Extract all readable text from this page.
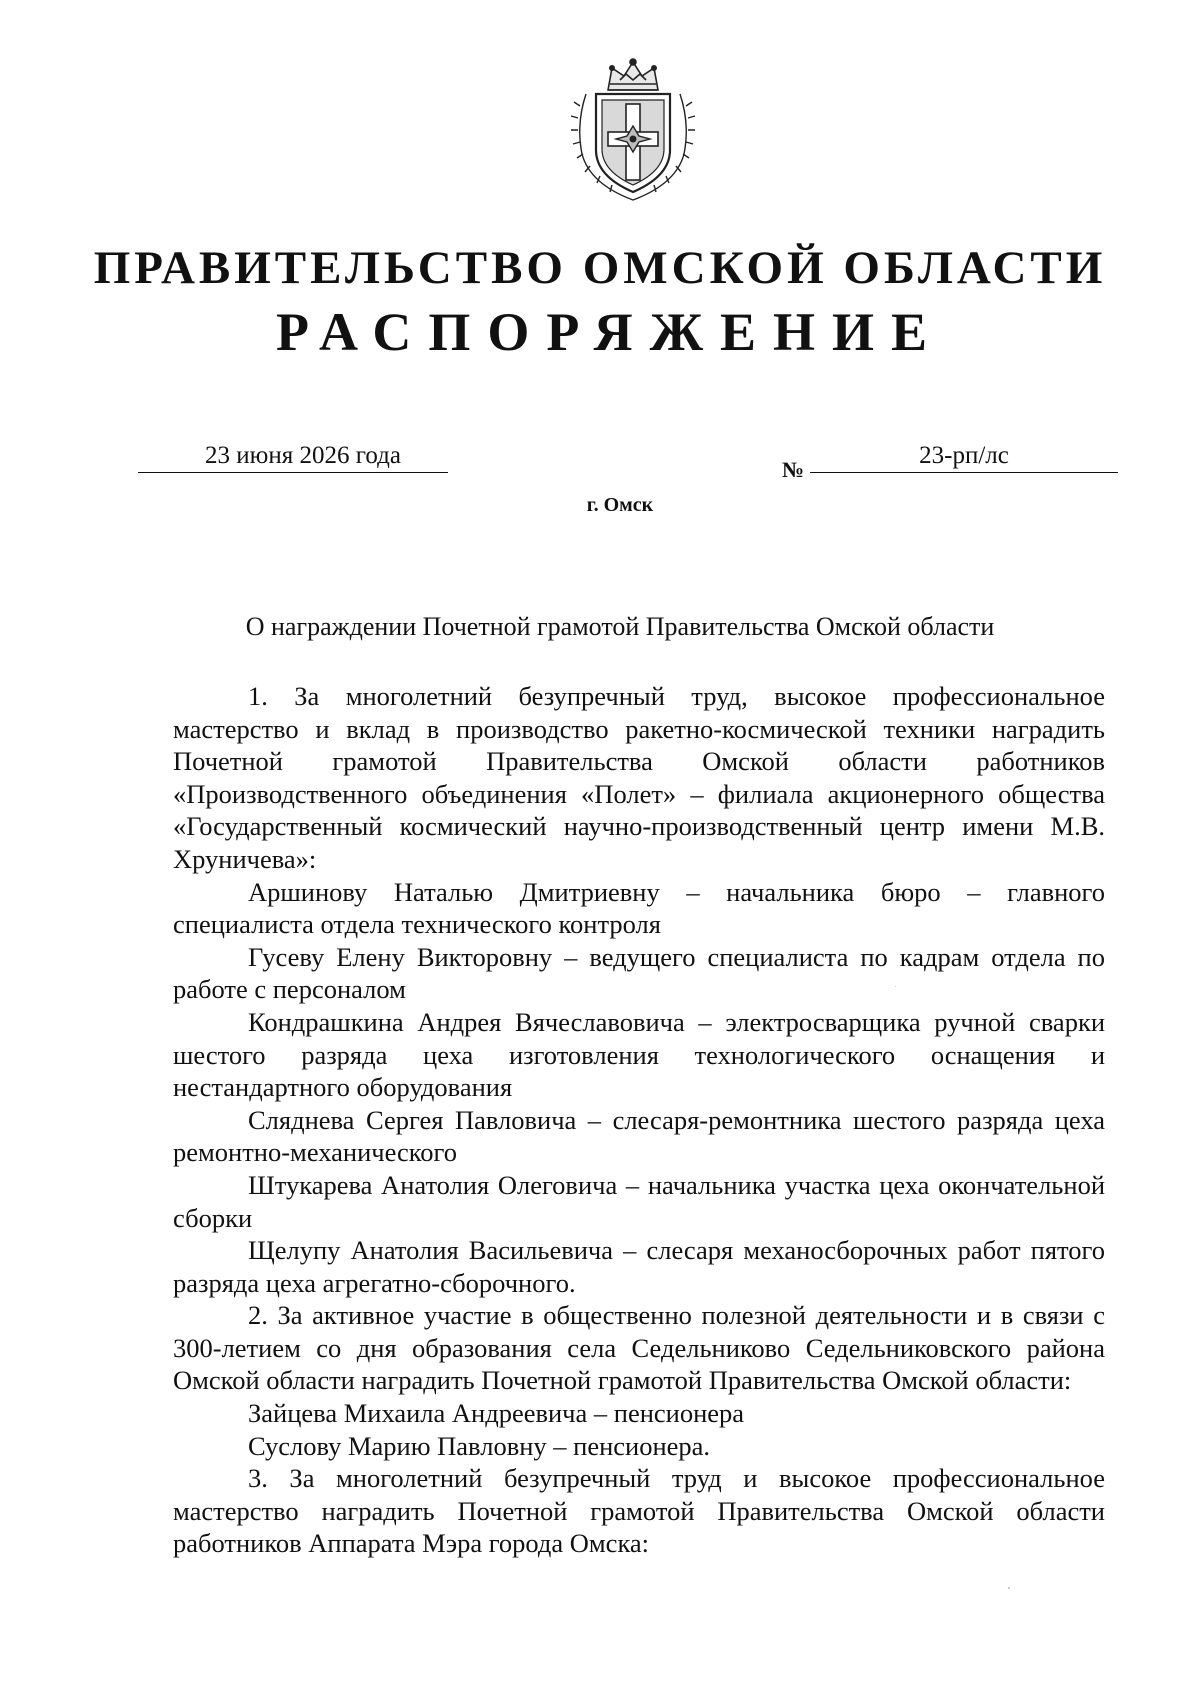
ПРАВИТЕЛЬСТВО ОМСКОЙ ОБЛАСТИ
РАСПОРЯЖЕНИЕ
23 июня 2026 года
№
23-рп/лс
г. Омск
О награждении Почетной грамотой Правительства Омской области

1. За многолетний безупречный труд, высокое профессиональное мастерство и вклад в производство ракетно-космической техники наградить Почетной грамотой Правительства Омской области работников «Производственного объединения «Полет» – филиала акционерного общества «Государственный космический научно-производственный центр имени М.В. Хруничева»:

Аршинову Наталью Дмитриевну – начальника бюро – главного специалиста отдела технического контроля

Гусеву Елену Викторовну – ведущего специалиста по кадрам отдела по работе с персоналом

Кондрашкина Андрея Вячеславовича – электросварщика ручной сварки шестого разряда цеха изготовления технологического оснащения и нестандартного оборудования

Сляднева Сергея Павловича – слесаря-ремонтника шестого разряда цеха ремонтно-механического

Штукарева Анатолия Олеговича – начальника участка цеха окончательной сборки

Щелупу Анатолия Васильевича – слесаря механосборочных работ пятого разряда цеха агрегатно-сборочного.

2. За активное участие в общественно полезной деятельности и в связи с 300-летием со дня образования села Седельниково Седельниковского района Омской области наградить Почетной грамотой Правительства Омской области:

Зайцева Михаила Андреевича – пенсионера

Суслову Марию Павловну – пенсионера.

3. За многолетний безупречный труд и высокое профессиональное мастерство наградить Почетной грамотой Правительства Омской области работников Аппарата Мэра города Омска:
